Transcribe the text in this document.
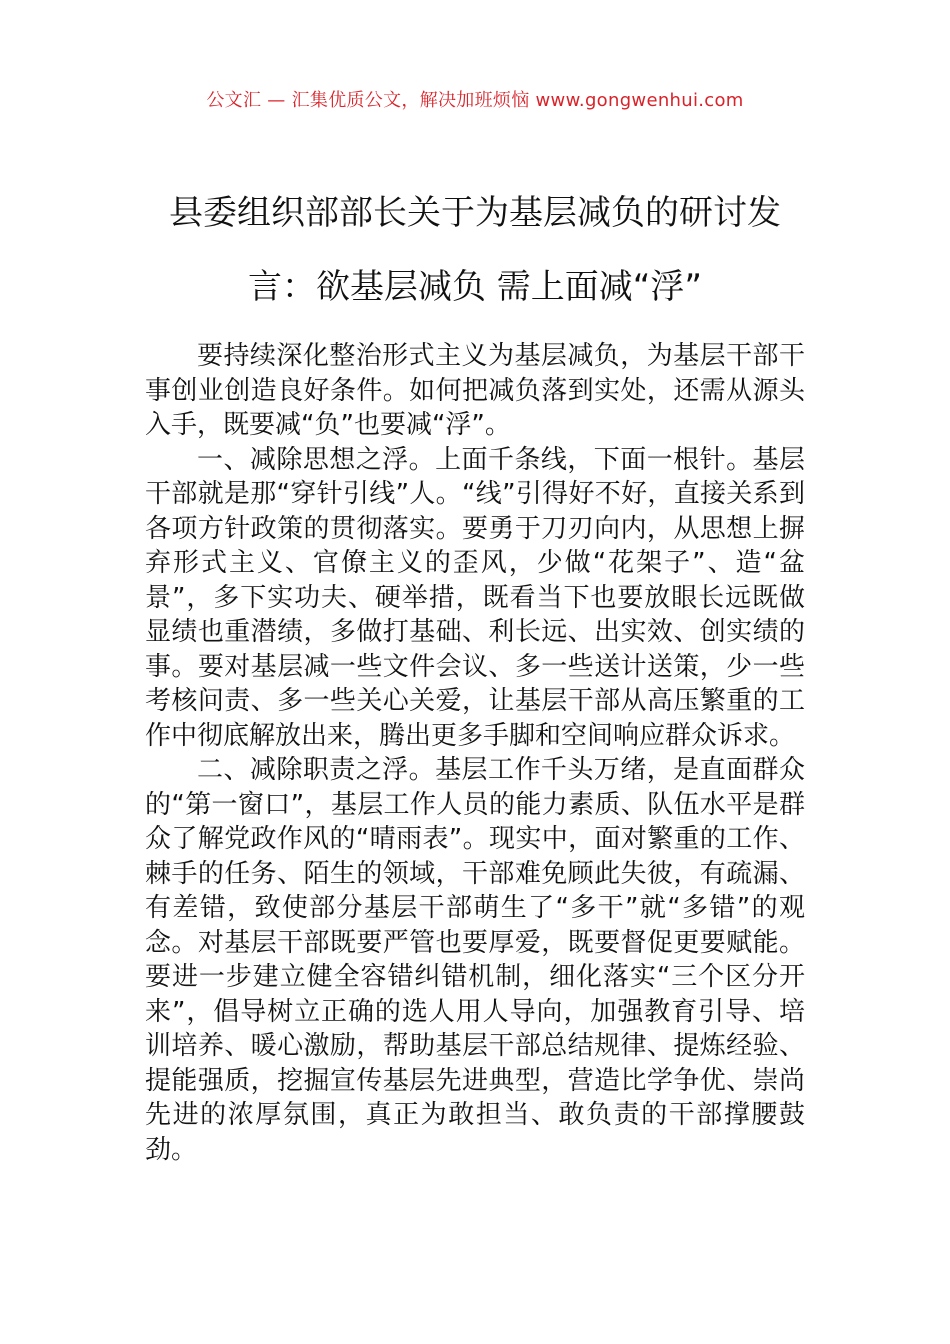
公文汇 — 汇集优质公文，解决加班烦恼 www.gongwenhui.com
县委组织部部长关于为基层减负的研讨发言：欲基层减负 需上面减“浮”

要持续深化整治形式主义为基层减负，为基层干部干事创业创造良好条件。如何把减负落到实处，还需从源头入手，既要减“负”也要减“浮”。

一、减除思想之浮。上面千条线，下面一根针。基层干部就是那“穿针引线”人。“线”引得好不好，直接关系到各项方针政策的贯彻落实。要勇于刀刃向内，从思想上摒弃形式主义、官僚主义的歪风，少做“花架子”、造“盆景”，多下实功夫、硬举措，既看当下也要放眼长远既做显绩也重潜绩，多做打基础、利长远、出实效、创实绩的事。要对基层减一些文件会议、多一些送计送策，少一些考核问责、多一些关心关爱，让基层干部从高压繁重的工作中彻底解放出来，腾出更多手脚和空间响应群众诉求。

二、减除职责之浮。基层工作千头万绪，是直面群众的“第一窗口”，基层工作人员的能力素质、队伍水平是群众了解党政作风的“晴雨表”。现实中，面对繁重的工作、棘手的任务、陌生的领域，干部难免顾此失彼，有疏漏、有差错，致使部分基层干部萌生了“多干”就“多错”的观念。对基层干部既要严管也要厚爱，既要督促更要赋能。要进一步建立健全容错纠错机制，细化落实“三个区分开来”，倡导树立正确的选人用人导向，加强教育引导、培训培养、暖心激励，帮助基层干部总结规律、提炼经验、提能强质，挖掘宣传基层先进典型，营造比学争优、崇尚先进的浓厚氛围，真正为敢担当、敢负责的干部撑腰鼓劲。
